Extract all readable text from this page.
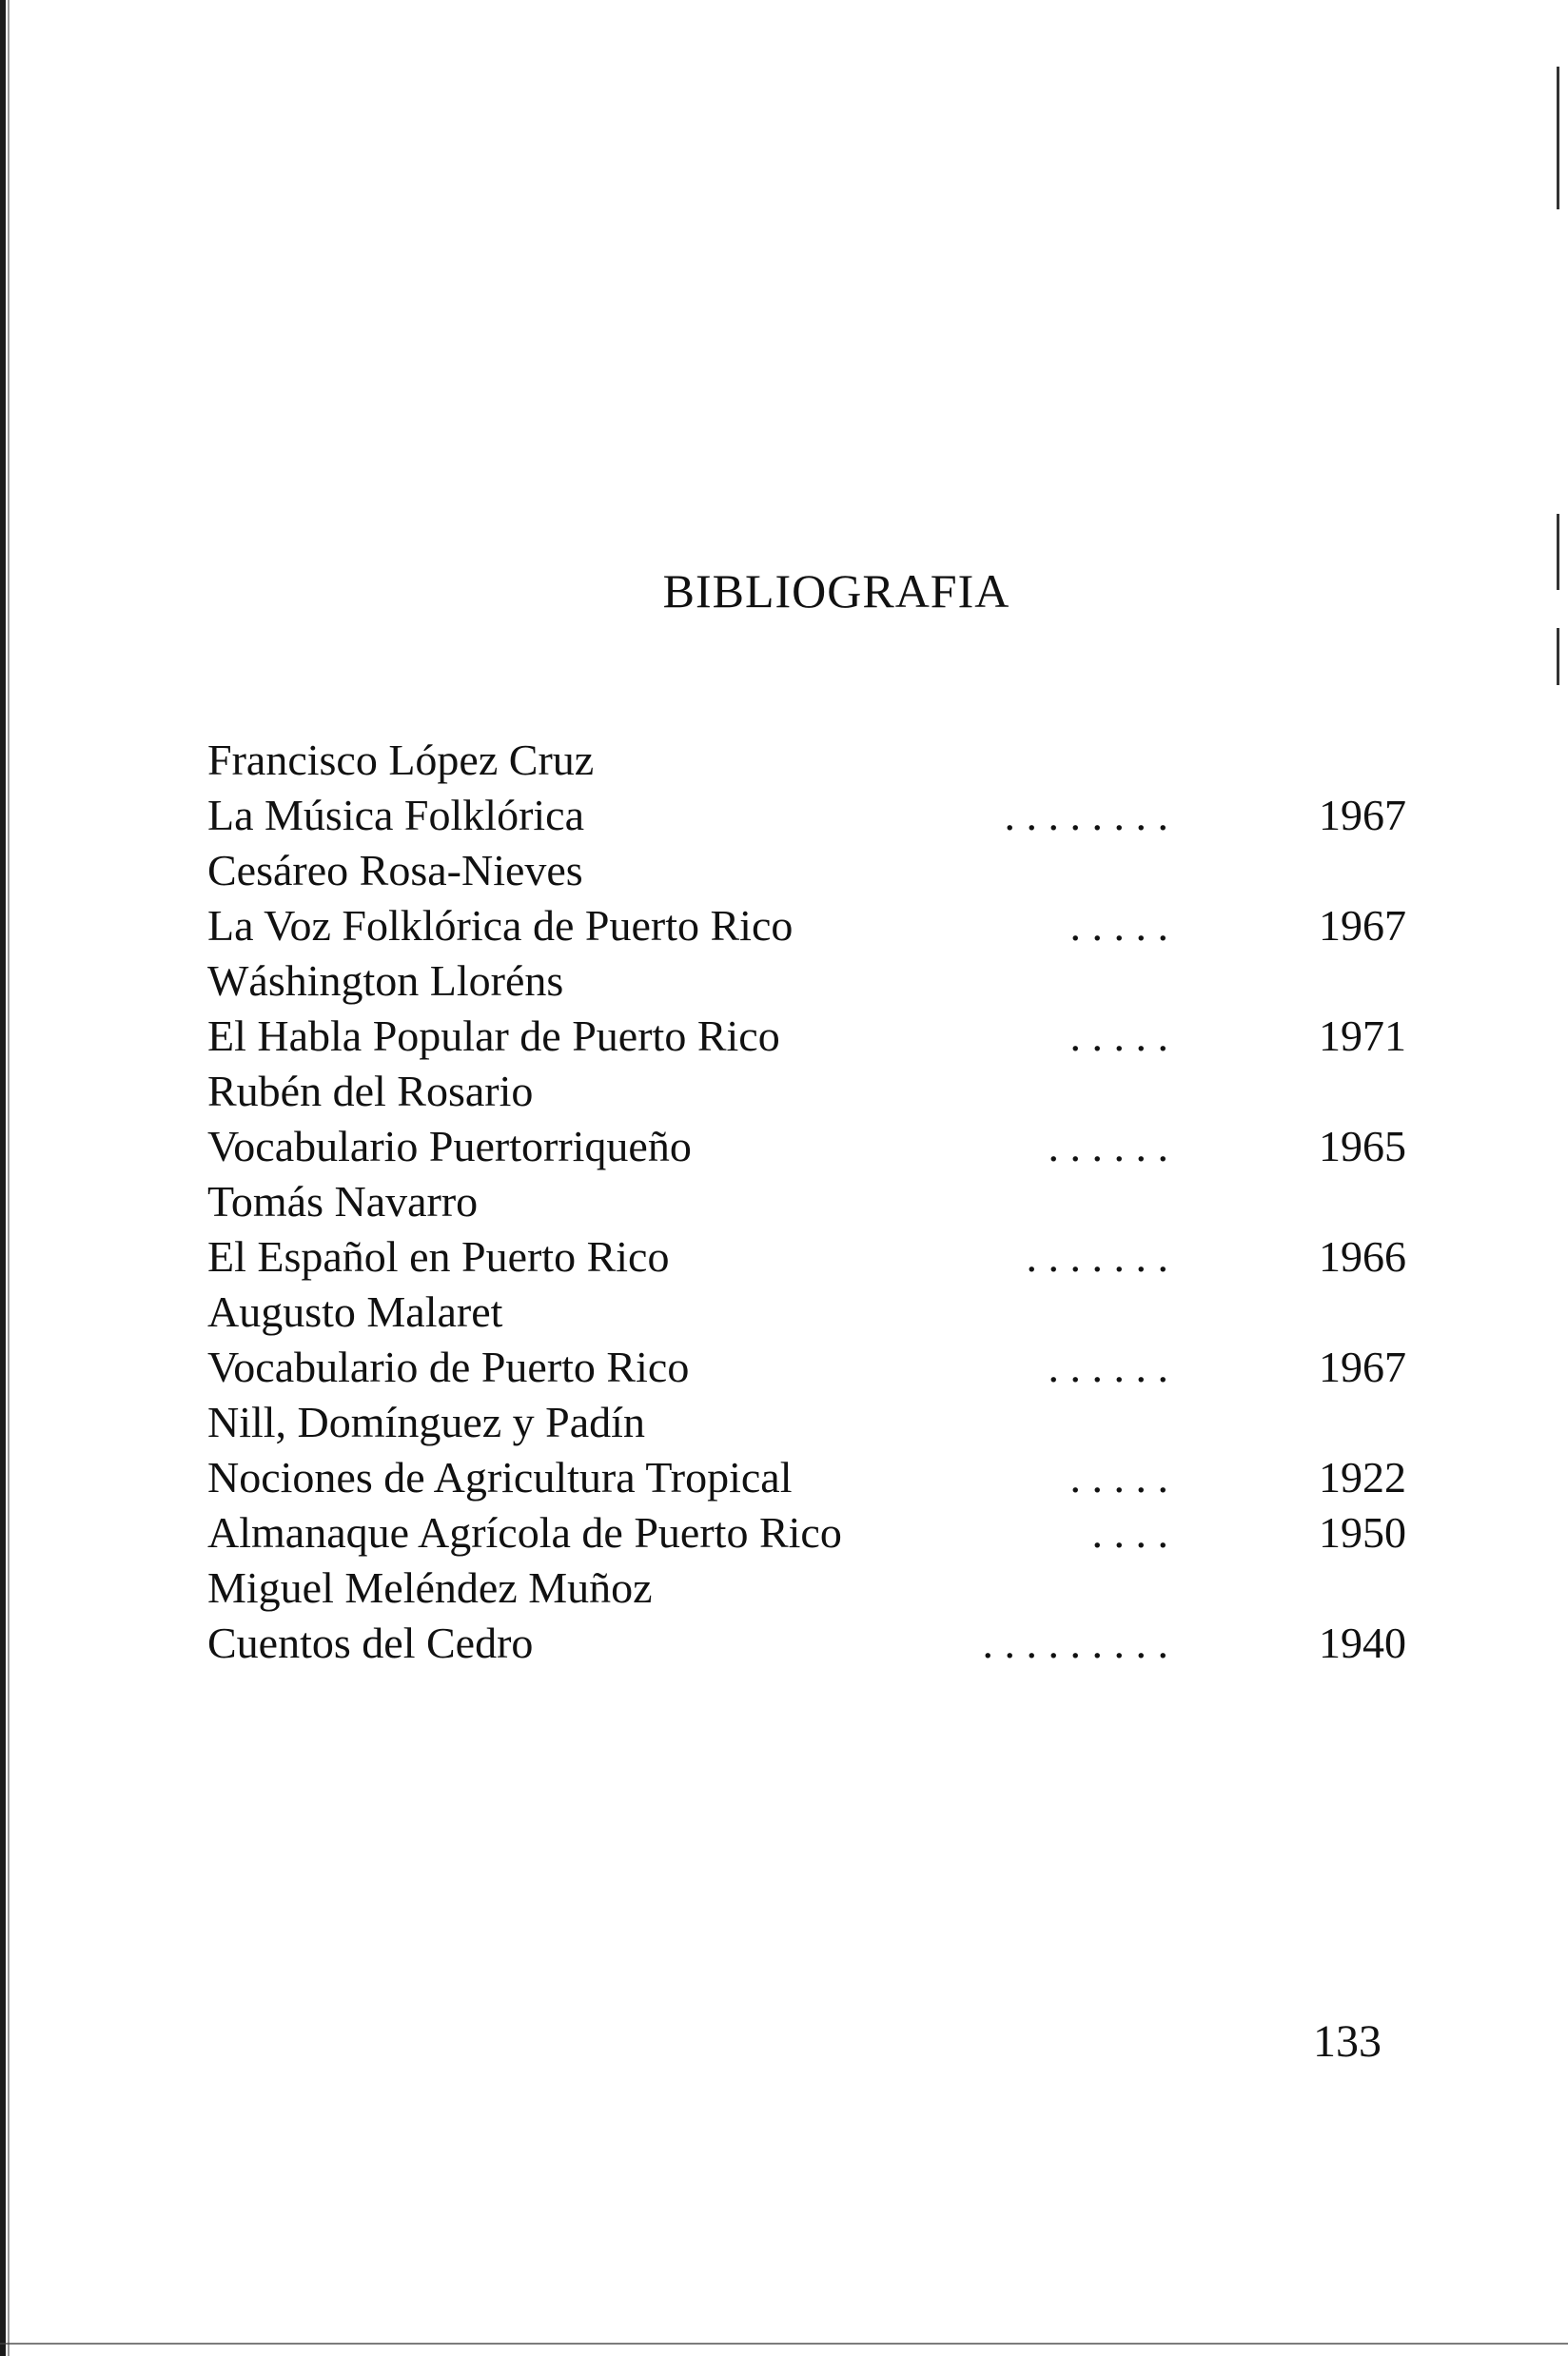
BIBLIOGRAFIA
Francisco López Cruz
La Música Folklórica	. . . . . . . .	1967
Cesáreo Rosa-Nieves
La Voz Folklórica de Puerto Rico	. . . . .	1967
Wáshington Lloréns
El Habla Popular de Puerto Rico	. . . . .	1971
Rubén del Rosario
Vocabulario Puertorriqueño	. . . . . .	1965
Tomás Navarro
El Español en Puerto Rico	. . . . . . .	1966
Augusto Malaret
Vocabulario de Puerto Rico	. . . . . .	1967
Nill, Domínguez y Padín
Nociones de Agricultura Tropical	. . . . .	1922
Almanaque Agrícola de Puerto Rico	. . . .	1950
Miguel Meléndez Muñoz
Cuentos del Cedro	. . . . . . . . .	1940
133
